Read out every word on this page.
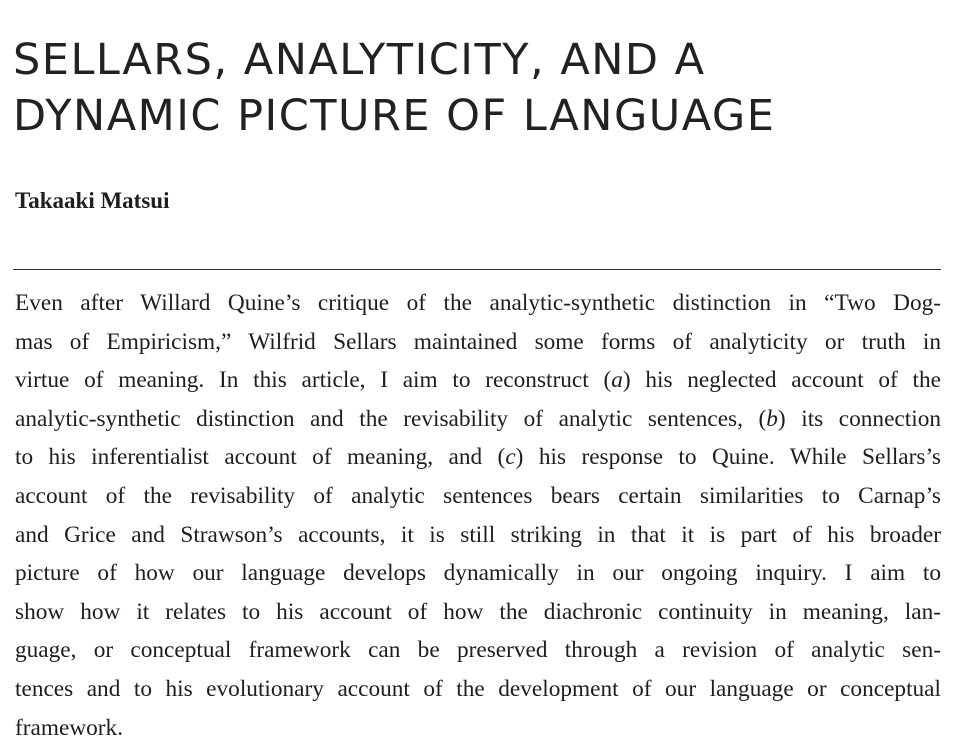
SELLARS, ANALYTICITY, AND A
DYNAMIC PICTURE OF LANGUAGE

Takaaki Matsui

Even after Willard Quine’s critique of the analytic-synthetic distinction in “Two Dog-
mas of Empiricism,” Wilfrid Sellars maintained some forms of analyticity or truth in
virtue of meaning. In this article, I aim to reconstruct (a) his neglected account of the
analytic-synthetic distinction and the revisability of analytic sentences, (b) its connection
to his inferentialist account of meaning, and (c) his response to Quine. While Sellars’s
account of the revisability of analytic sentences bears certain similarities to Carnap’s
and Grice and Strawson’s accounts, it is still striking in that it is part of his broader
picture of how our language develops dynamically in our ongoing inquiry. I aim to
show how it relates to his account of how the diachronic continuity in meaning, lan-
guage, or conceptual framework can be preserved through a revision of analytic sen-
tences and to his evolutionary account of the development of our language or conceptual
framework.
